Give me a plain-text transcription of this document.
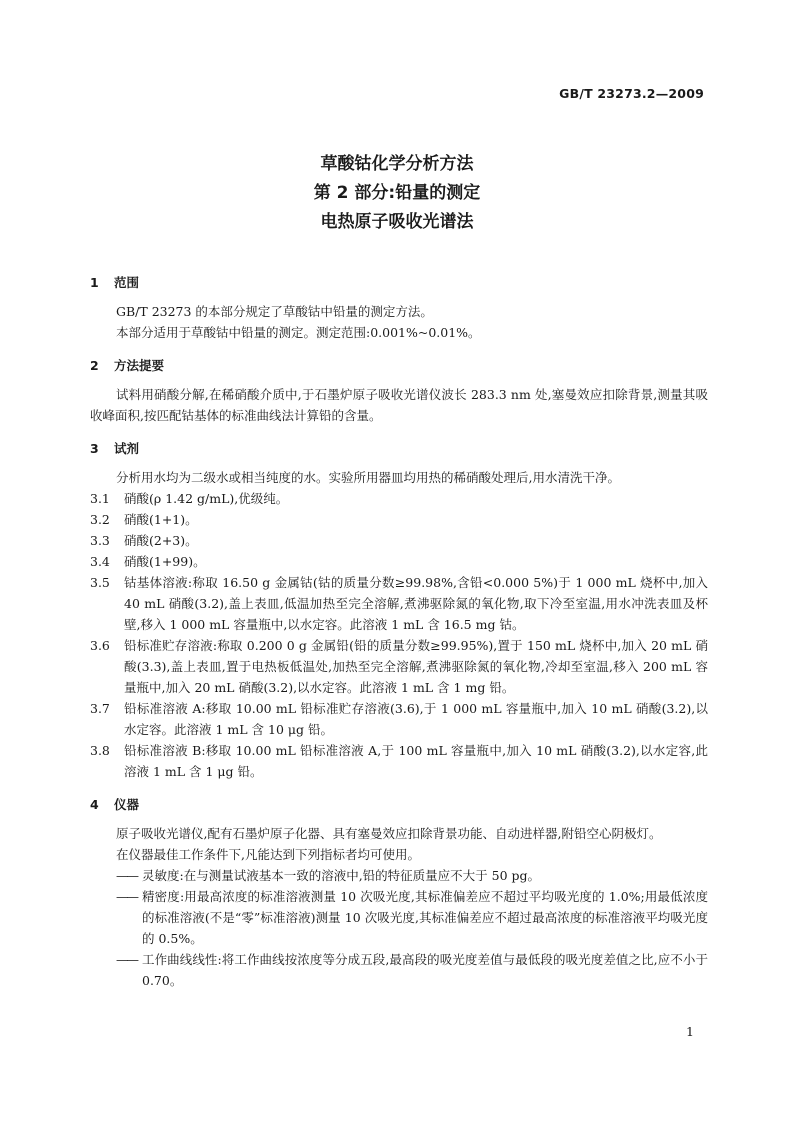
GB/T 23273.2—2009
草酸钴化学分析方法
第 2 部分:铅量的测定
电热原子吸收光谱法
1 范围
GB/T 23273 的本部分规定了草酸钴中铅量的测定方法。
本部分适用于草酸钴中铅量的测定。测定范围:0.001%~0.01%。
2 方法提要
试料用硝酸分解,在稀硝酸介质中,于石墨炉原子吸收光谱仪波长 283.3 nm 处,塞曼效应扣除背景,测量其吸收峰面积,按匹配钴基体的标准曲线法计算铅的含量。
3 试剂
分析用水均为二级水或相当纯度的水。实验所用器皿均用热的稀硝酸处理后,用水清洗干净。
3.1	硝酸(ρ 1.42 g/mL),优级纯。
3.2	硝酸(1+1)。
3.3	硝酸(2+3)。
3.4	硝酸(1+99)。
3.5	钴基体溶液:称取 16.50 g 金属钴(钴的质量分数≥99.98%,含铅<0.000 5%)于 1 000 mL 烧杯中,加入 40 mL 硝酸(3.2),盖上表皿,低温加热至完全溶解,煮沸驱除氮的氧化物,取下冷至室温,用水冲洗表皿及杯壁,移入 1 000 mL 容量瓶中,以水定容。此溶液 1 mL 含 16.5 mg 钴。
3.6	铅标准贮存溶液:称取 0.200 0 g 金属铅(铅的质量分数≥99.95%),置于 150 mL 烧杯中,加入 20 mL 硝酸(3.3),盖上表皿,置于电热板低温处,加热至完全溶解,煮沸驱除氮的氧化物,冷却至室温,移入 200 mL 容量瓶中,加入 20 mL 硝酸(3.2),以水定容。此溶液 1 mL 含 1 mg 铅。
3.7	铅标准溶液 A:移取 10.00 mL 铅标准贮存溶液(3.6),于 1 000 mL 容量瓶中,加入 10 mL 硝酸(3.2),以水定容。此溶液 1 mL 含 10 μg 铅。
3.8	铅标准溶液 B:移取 10.00 mL 铅标准溶液 A,于 100 mL 容量瓶中,加入 10 mL 硝酸(3.2),以水定容,此溶液 1 mL 含 1 μg 铅。
4 仪器
原子吸收光谱仪,配有石墨炉原子化器、具有塞曼效应扣除背景功能、自动进样器,附铅空心阴极灯。
在仪器最佳工作条件下,凡能达到下列指标者均可使用。
—— 灵敏度:在与测量试液基本一致的溶液中,铅的特征质量应不大于 50 pg。
—— 精密度:用最高浓度的标准溶液测量 10 次吸光度,其标准偏差应不超过平均吸光度的 1.0%;用最低浓度的标准溶液(不是“零”标准溶液)测量 10 次吸光度,其标准偏差应不超过最高浓度的标准溶液平均吸光度的 0.5%。
—— 工作曲线线性:将工作曲线按浓度等分成五段,最高段的吸光度差值与最低段的吸光度差值之比,应不小于 0.70。
1
